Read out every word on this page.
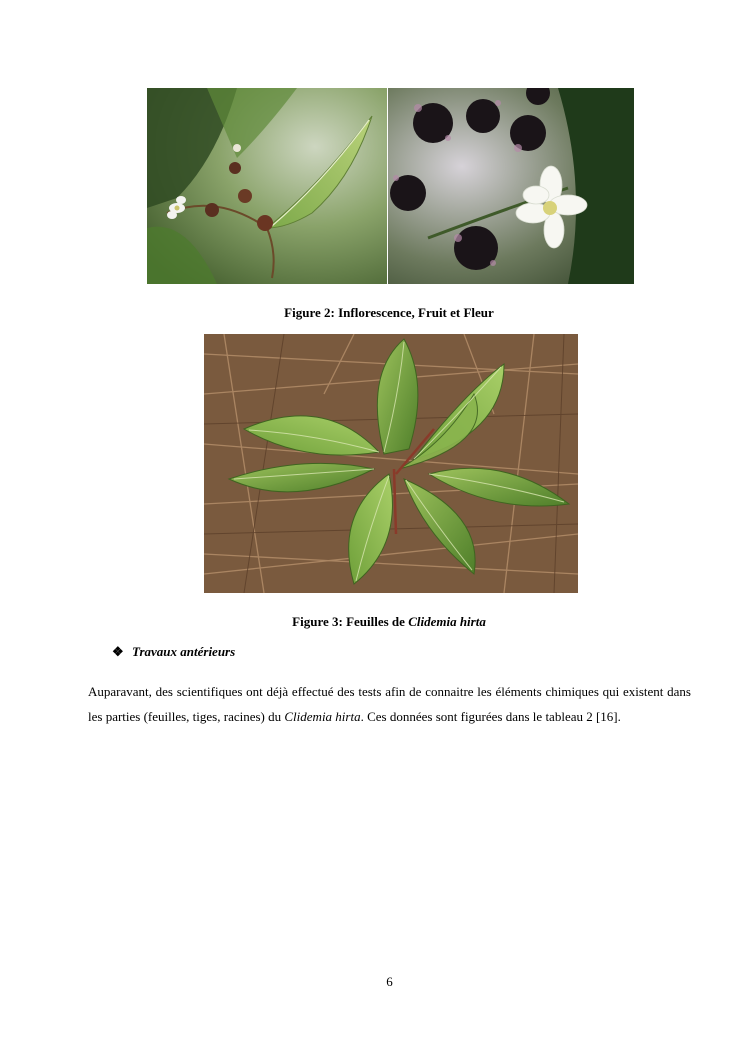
Figure 2: Inflorescence, Fruit et Fleur
Figure 3: Feuilles de Clidemia hirta
❖ Travaux antérieurs
Auparavant, des scientifiques ont déjà effectué des tests afin de connaitre les éléments chimiques qui existent dans les parties (feuilles, tiges, racines) du Clidemia hirta. Ces données sont figurées dans le tableau 2 [16].
6
